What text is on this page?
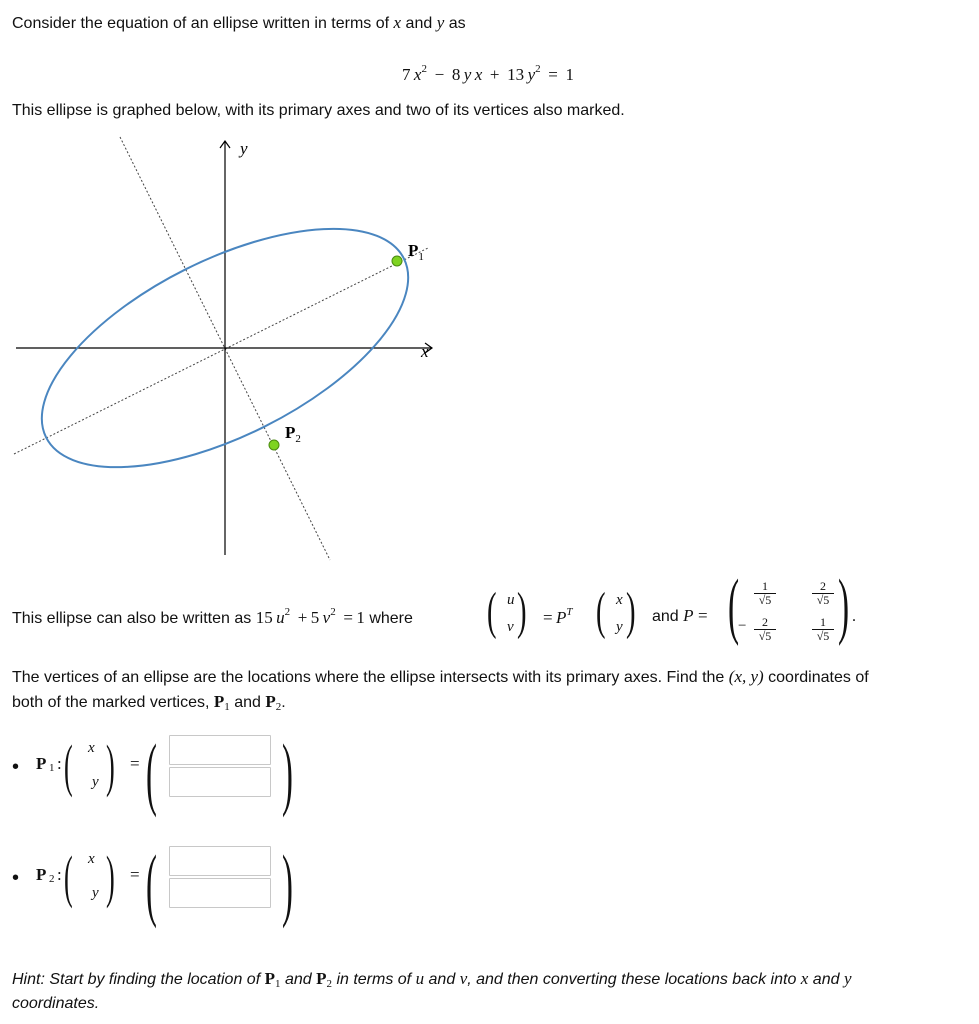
Consider the equation of an ellipse written in terms of x and y as
7  $x^2 - 8$  y  x   +  13  $y^2 = 1$
This ellipse is graphed below, with its primary axes and two of its vertices also marked.
x
y
$P_1$
$P_2$
This ellipse can also be written as 15  $u^2 + 5$  $v^2 = 1$ where ( u
v ) =  $P^T$ ( x
y ) and P = (	1
√5
2
√5
−	2
√5
1
√5 ) .
The vertices of an ellipse are the locations where the ellipse intersects with its primary axes. Find the (x, y) coordinates of
both of the marked vertices, $P_1$ and $P_2$.
• P 1 : ( x
y ) = ( )
• P 2 : ( x
y ) = ( )
Hint: Start by finding the location of $P_1$ and $P_2$ in terms of u and v, and then converting these locations back into x and y
coordinates.
